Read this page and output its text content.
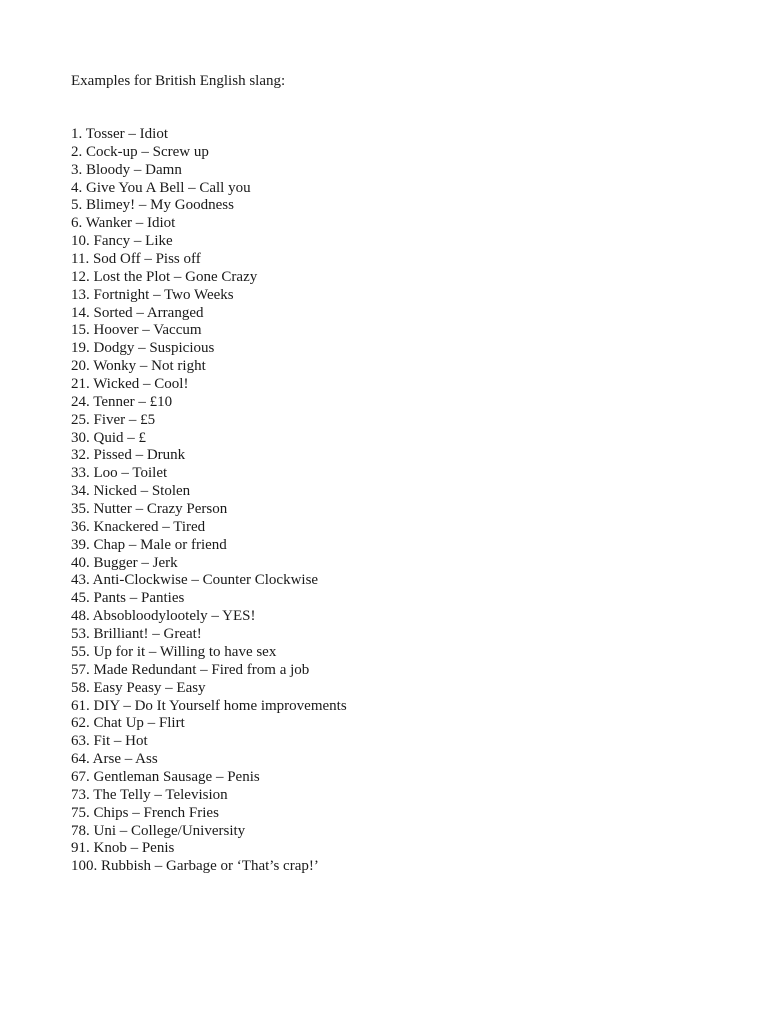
Examples for British English slang:
1. Tosser – Idiot
2. Cock-up – Screw up
3. Bloody – Damn
4. Give You A Bell – Call you
5. Blimey! – My Goodness
6. Wanker – Idiot
10. Fancy – Like
11. Sod Off – Piss off
12. Lost the Plot – Gone Crazy
13. Fortnight – Two Weeks
14. Sorted – Arranged
15. Hoover – Vaccum
19. Dodgy – Suspicious
20. Wonky – Not right
21. Wicked – Cool!
24. Tenner – £10
25. Fiver – £5
30. Quid – £
32. Pissed – Drunk
33. Loo – Toilet
34. Nicked – Stolen
35. Nutter – Crazy Person
36. Knackered – Tired
39. Chap – Male or friend
40. Bugger – Jerk
43. Anti-Clockwise – Counter Clockwise
45. Pants – Panties
48. Absobloodylootely – YES!
53. Brilliant! – Great!
55. Up for it – Willing to have sex
57. Made Redundant – Fired from a job
58. Easy Peasy – Easy
61. DIY – Do It Yourself home improvements
62. Chat Up – Flirt
63. Fit – Hot
64. Arse – Ass
67. Gentleman Sausage – Penis
73. The Telly – Television
75. Chips – French Fries
78. Uni – College/University
91. Knob – Penis
100. Rubbish – Garbage or ‘That’s crap!’
